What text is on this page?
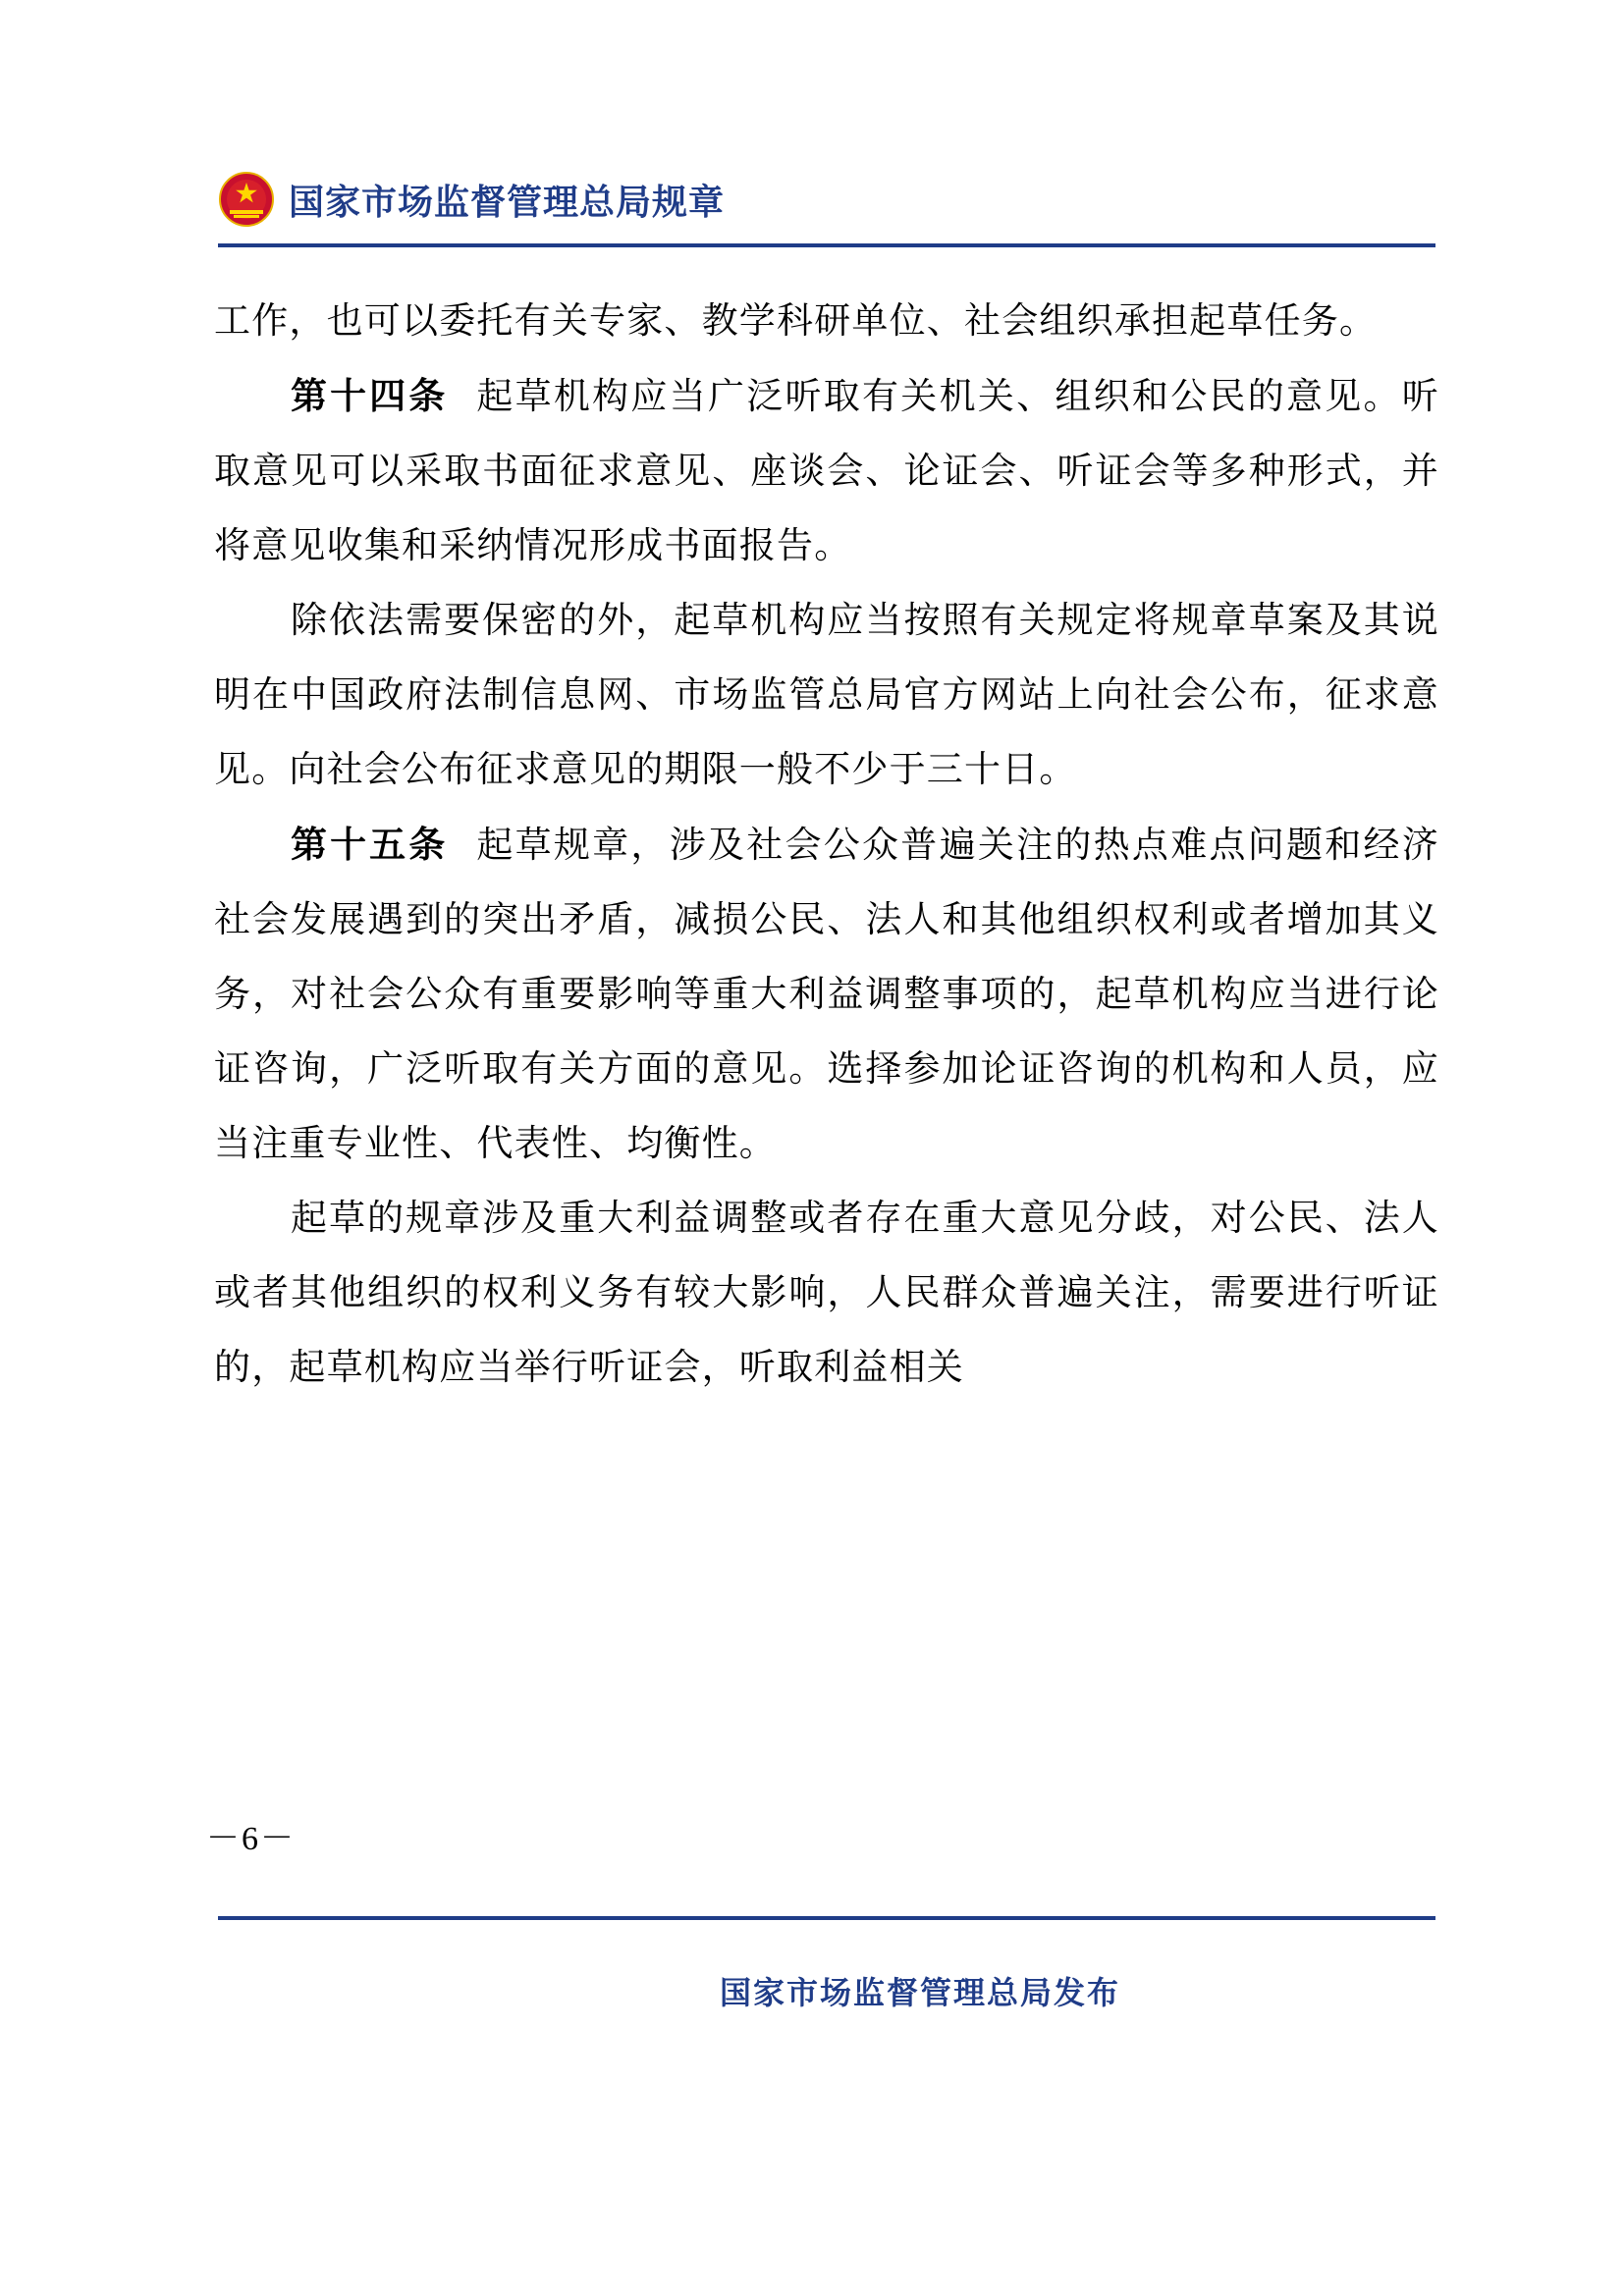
国家市场监督管理总局规章

工作，也可以委托有关专家、教学科研单位、社会组织承担起草任务。

第十四条 起草机构应当广泛听取有关机关、组织和公民的意见。听取意见可以采取书面征求意见、座谈会、论证会、听证会等多种形式，并将意见收集和采纳情况形成书面报告。

除依法需要保密的外，起草机构应当按照有关规定将规章草案及其说明在中国政府法制信息网、市场监管总局官方网站上向社会公布，征求意见。向社会公布征求意见的期限一般不少于三十日。

第十五条 起草规章，涉及社会公众普遍关注的热点难点问题和经济社会发展遇到的突出矛盾，减损公民、法人和其他组织权利或者增加其义务，对社会公众有重要影响等重大利益调整事项的，起草机构应当进行论证咨询，广泛听取有关方面的意见。选择参加论证咨询的机构和人员，应当注重专业性、代表性、均衡性。

起草的规章涉及重大利益调整或者存在重大意见分歧，对公民、法人或者其他组织的权利义务有较大影响，人民群众普遍关注，需要进行听证的，起草机构应当举行听证会，听取利益相关

－6－
国家市场监督管理总局发布
